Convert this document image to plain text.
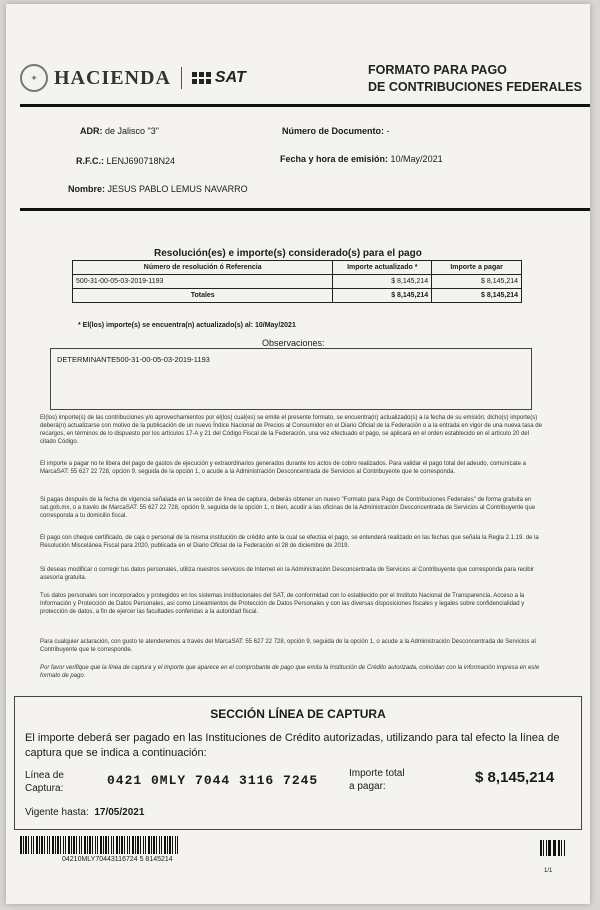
✦ HACIENDA	SAT	FORMATO PARA PAGO
DE CONTRIBUCIONES FEDERALES
ADR: de Jalisco "3"	Número de Documento: -
R.F.C.: LENJ690718N24	Fecha y hora de emisión: 10/May/2021
Nombre: JESUS PABLO LEMUS NAVARRO
Resolución(es) e importe(s) considerado(s) para el pago
Número de resolución ó Referencia	Importe actualizado *	Importe a pagar
500-31-00-05-03-2019-1193	$ 8,145,214	$ 8,145,214
Totales	$ 8,145,214	$ 8,145,214
* El(los) importe(s) se encuentra(n) actualizado(s) al: 10/May/2021
Observaciones:
DETERMINANTE500-31-00-05-03-2019-1193
El(los) importe(s) de las contribuciones y/o aprovechamientos por el(los) cual(es) se emite el presente formato, se encuentra(n) actualizado(s) a la fecha de su emisión; dicho(s) importe(s) deberá(n) actualizarse con motivo de la publicación de un nuevo Índice Nacional de Precios al Consumidor en el Diario Oficial de la Federación o a la entrada en vigor de una nueva tasa de recargos, en términos de lo dispuesto por los artículos 17-A y 21 del Código Fiscal de la Federación, una vez efectuado el pago, se aplicará en el orden establecido en el artículo 20 del citado Código.
El importe a pagar no te libera del pago de gastos de ejecución y extraordinarios generados durante los actos de cobro realizados. Para validar el pago total del adeudo, comunícate a MarcaSAT: 55 627 22 728, opción 9, seguida de la opción 1, o acude a la Administración Desconcentrada de Servicios al Contribuyente que te corresponda.
Si pagas después de la fecha de vigencia señalada en la sección de línea de captura, deberás obtener un nuevo "Formato para Pago de Contribuciones Federales" de forma gratuita en sat.gob.mx, o a través de MarcaSAT: 55 627 22 728, opción 9, seguida de la opción 1, o bien, acudir a las oficinas de la Administración Desconcentrada de Servicios al Contribuyente que corresponda a tu domicilio fiscal.
El pago con cheque certificado, de caja o personal de la misma institución de crédito ante la cual se efectúa el pago, se entenderá realizado en las fechas que señala la Regla 2.1.19. de la Resolución Miscelánea Fiscal para 2020, publicada en el Diario Oficial de la Federación el 28 de diciembre de 2019.
Si deseas modificar o corregir tus datos personales, utiliza nuestros servicios de Internet en la Administración Desconcentrada de Servicios al Contribuyente que corresponda para recibir asesoría gratuita.
Tus datos personales son incorporados y protegidos en los sistemas institucionales del SAT, de conformidad con lo establecido por el Instituto Nacional de Transparencia, Acceso a la Información y Protección de Datos Personales, así como Lineamientos de Protección de Datos Personales y con las diversas disposiciones fiscales y legales sobre confidencialidad y protección de datos, a fin de ejercer las facultades conferidas a la autoridad fiscal.
Para cualquier aclaración, con gusto te atenderemos a través del MarcaSAT: 55 627 22 728, opción 9, seguida de la opción 1, o acude a la Administración Desconcentrada de Servicios al Contribuyente que te corresponde.
Por favor verifique que la línea de captura y el importe que aparece en el comprobante de pago que emita la Institución de Crédito autorizada, coincidan con la información impresa en este formato de pago.
SECCIÓN LÍNEA DE CAPTURA
El importe deberá ser pagado en las Instituciones de Crédito autorizadas, utilizando para tal efecto la línea de captura que se indica a continuación:
Línea de
Captura:
0421 0MLY 7044 3116 7245	Importe total
a pagar:
$ 8,145,214
Vigente hasta: 17/05/2021
04210MLY70443116724 5 8145214
1/1
